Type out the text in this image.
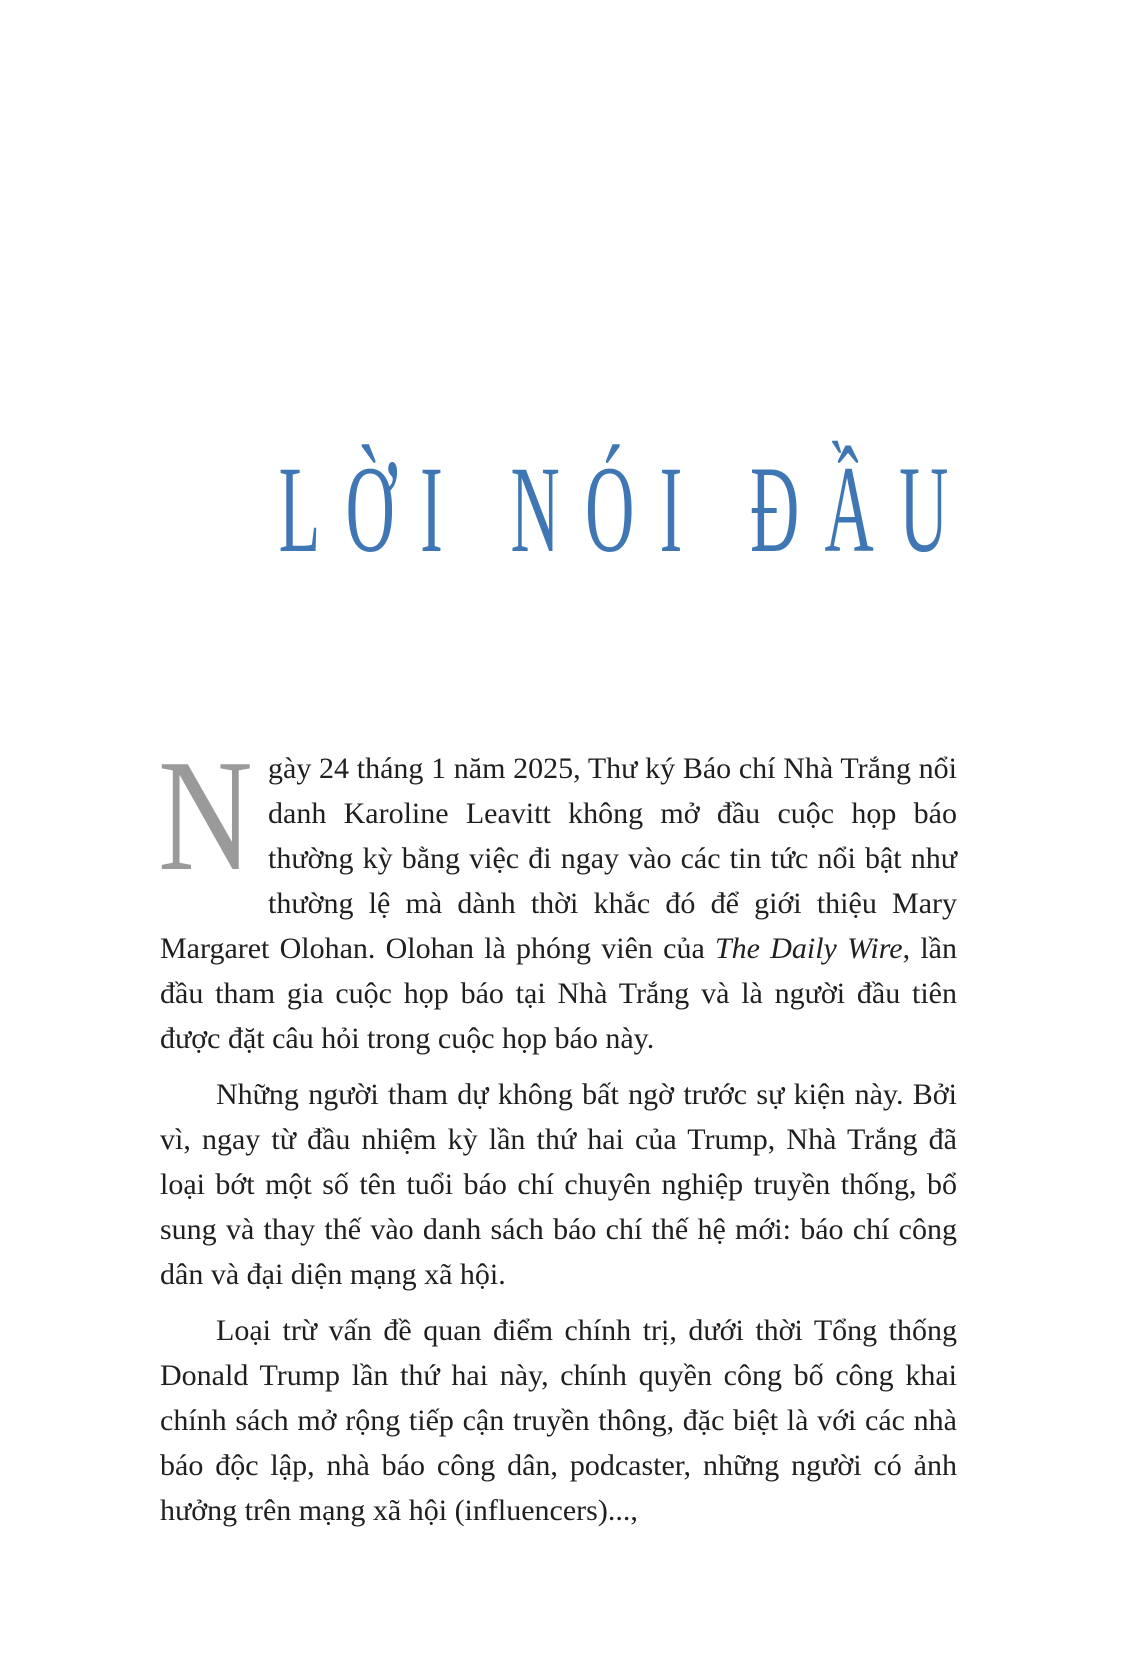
LỜI NÓI ĐẦU

Ngày 24 tháng 1 năm 2025, Thư ký Báo chí Nhà Trắng nổi danh Karoline Leavitt không mở đầu cuộc họp báo thường kỳ bằng việc đi ngay vào các tin tức nổi bật như thường lệ mà dành thời khắc đó để giới thiệu Mary Margaret Olohan. Olohan là phóng viên của The Daily Wire, lần đầu tham gia cuộc họp báo tại Nhà Trắng và là người đầu tiên được đặt câu hỏi trong cuộc họp báo này.

Những người tham dự không bất ngờ trước sự kiện này. Bởi vì, ngay từ đầu nhiệm kỳ lần thứ hai của Trump, Nhà Trắng đã loại bớt một số tên tuổi báo chí chuyên nghiệp truyền thống, bổ sung và thay thế vào danh sách báo chí thế hệ mới: báo chí công dân và đại diện mạng xã hội.

Loại trừ vấn đề quan điểm chính trị, dưới thời Tổng thống Donald Trump lần thứ hai này, chính quyền công bố công khai chính sách mở rộng tiếp cận truyền thông, đặc biệt là với các nhà báo độc lập, nhà báo công dân, podcaster, những người có ảnh hưởng trên mạng xã hội (influencers)...,
